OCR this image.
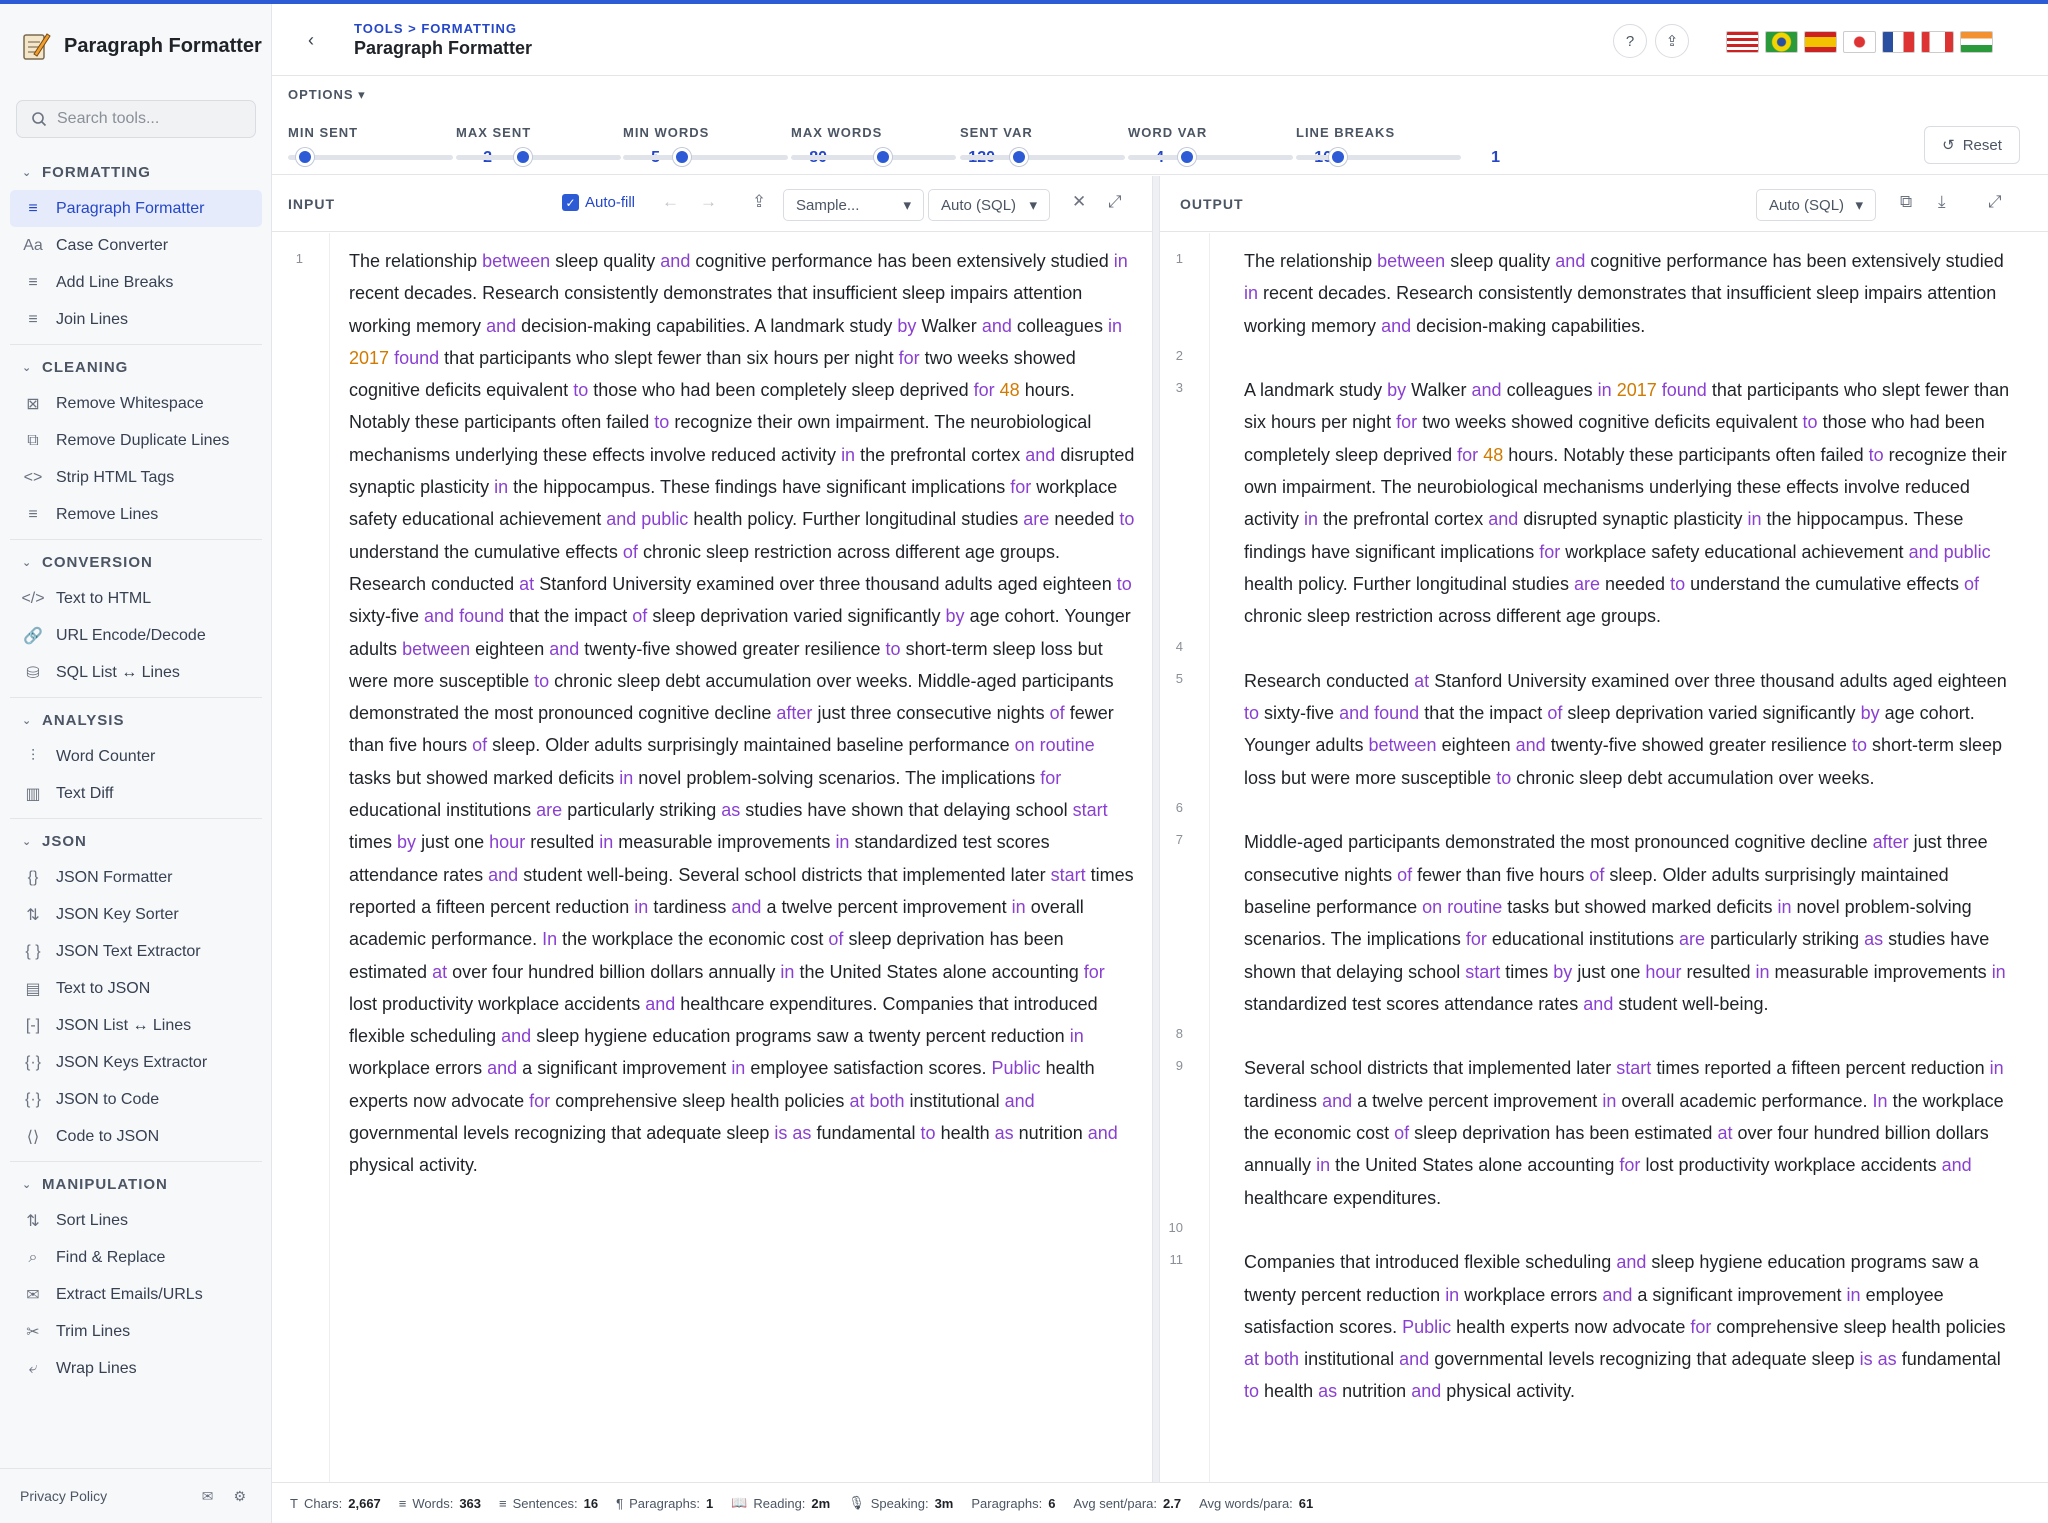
Paragraph Formatter
Search tools...
⌄ FORMATTING
≡ Paragraph Formatter
Aa Case Converter
≡ Add Line Breaks
≡ Join Lines
⌄ CLEANING
⊠ Remove Whitespace
⧉ Remove Duplicate Lines
<> Strip HTML Tags
≡ Remove Lines
⌄ CONVERSION
</> Text to HTML
🔗 URL Encode/Decode
⛁ SQL List ↔ Lines
⌄ ANALYSIS
⫶	Word Counter
▥ Text Diff
⌄ JSON
{} JSON Formatter
⇅ JSON Key Sorter
{ } JSON Text Extractor
▤ Text to JSON
[-] JSON List ↔ Lines
{·} JSON Keys Extractor
{·} JSON to Code
⟨⟩ Code to JSON
⌄ MANIPULATION
⇅ Sort Lines
⌕ Find & Replace
✉ Extract Emails/URLs
✂ Trim Lines
⤶ Wrap Lines
Privacy Policy	✉ ⚙
‹
TOOLS > FORMATTING
Paragraph Formatter	? ⇪
OPTIONS ▾
MIN SENT	MAX SENT	MIN WORDS	MAX WORDS	SENT VAR	WORD VAR	LINE BREAKS
1
↺ Reset
INPUT	✓ Auto-fill ← → ⇪ Sample...	▾ Auto (SQL) ▾ ✕ ⤢	OUTPUT	Auto (SQL) ▾ ⧉ ⤓ ⤢
1	The relationship between sleep quality and cognitive performance has been extensively studied in recent decades. Research consistently demonstrates that insufficient sleep impairs attention working memory and decision-making capabilities. A landmark study by Walker and colleagues in 2017 found that participants who slept fewer than six hours per night for two weeks showed cognitive deficits equivalent to those who had been completely sleep deprived for 48 hours. Notably these participants often failed to recognize their own impairment. The neurobiological mechanisms underlying these effects involve reduced activity in the prefrontal cortex and disrupted synaptic plasticity in the hippocampus. These findings have significant implications for workplace safety educational achievement and public health policy. Further longitudinal studies are needed to understand the cumulative effects of chronic sleep restriction across different age groups. Research conducted at Stanford University examined over three thousand adults aged eighteen to sixty-five and found that the impact of sleep deprivation varied significantly by age cohort. Younger adults between eighteen and twenty-five showed greater resilience to short-term sleep loss but were more susceptible to chronic sleep debt accumulation over weeks. Middle-aged participants demonstrated the most pronounced cognitive decline after just three consecutive nights of fewer than five hours of sleep. Older adults surprisingly maintained baseline performance on routine tasks but showed marked deficits in novel problem-solving scenarios. The implications for educational institutions are particularly striking as studies have shown that delaying school start times by just one hour resulted in measurable improvements in standardized test scores attendance rates and student well-being. Several school districts that implemented later start times reported a fifteen percent reduction in tardiness and a twelve percent improvement in overall academic performance. In the workplace the economic cost of sleep deprivation has been estimated at over four hundred billion dollars annually in the United States alone accounting for lost productivity workplace accidents and healthcare expenditures. Companies that introduced flexible scheduling and sleep hygiene education programs saw a twenty percent reduction in workplace errors and a significant improvement in employee satisfaction scores. Public health experts now advocate for comprehensive sleep health policies at both institutional and governmental levels recognizing that adequate sleep is as fundamental to health as nutrition and physical activity.
1
2
3
4
5
6
7
8
9
10
11
The relationship between sleep quality and cognitive performance has been extensively studied in recent decades. Research consistently demonstrates that insufficient sleep impairs attention working memory and decision-making capabilities.
A landmark study by Walker and colleagues in 2017 found that participants who slept fewer than six hours per night for two weeks showed cognitive deficits equivalent to those who had been completely sleep deprived for 48 hours. Notably these participants often failed to recognize their own impairment. The neurobiological mechanisms underlying these effects involve reduced activity in the prefrontal cortex and disrupted synaptic plasticity in the hippocampus. These findings have significant implications for workplace safety educational achievement and public health policy. Further longitudinal studies are needed to understand the cumulative effects of chronic sleep restriction across different age groups.
Research conducted at Stanford University examined over three thousand adults aged eighteen to sixty-five and found that the impact of sleep deprivation varied significantly by age cohort. Younger adults between eighteen and twenty-five showed greater resilience to short-term sleep loss but were more susceptible to chronic sleep debt accumulation over weeks.
Middle-aged participants demonstrated the most pronounced cognitive decline after just three consecutive nights of fewer than five hours of sleep. Older adults surprisingly maintained baseline performance on routine tasks but showed marked deficits in novel problem-solving scenarios. The implications for educational institutions are particularly striking as studies have shown that delaying school start times by just one hour resulted in measurable improvements in standardized test scores attendance rates and student well-being.
Several school districts that implemented later start times reported a fifteen percent reduction in tardiness and a twelve percent improvement in overall academic performance. In the workplace the economic cost of sleep deprivation has been estimated at over four hundred billion dollars annually in the United States alone accounting for lost productivity workplace accidents and healthcare expenditures.
Companies that introduced flexible scheduling and sleep hygiene education programs saw a twenty percent reduction in workplace errors and a significant improvement in employee satisfaction scores. Public health experts now advocate for comprehensive sleep health policies at both institutional and governmental levels recognizing that adequate sleep is as fundamental to health as nutrition and physical activity.
T Chars: 2,667 ≡ Words: 363 ≡ Sentences: 16 ¶ Paragraphs: 1 📖 Reading: 2m 🎙 Speaking: 3m Paragraphs: 6 Avg sent/para: 2.7 Avg words/para: 61
